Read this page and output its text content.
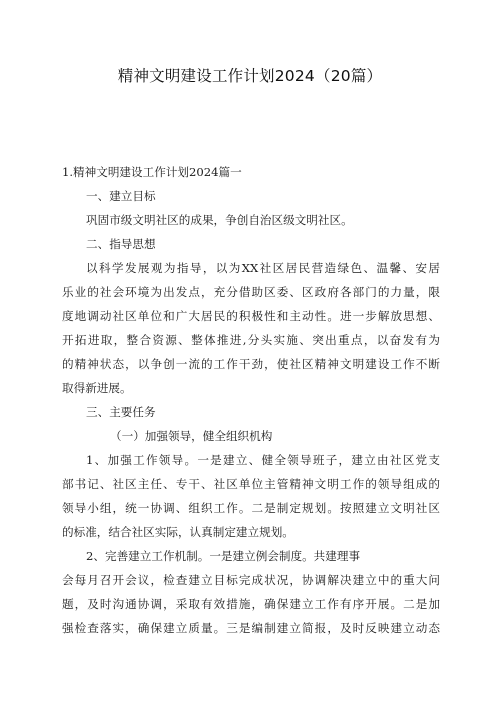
精神文明建设工作计划2024（20篇）
1.精神文明建设工作计划2024篇一
一、建立目标
巩固市级文明社区的成果，争创自治区级文明社区。
二、指导思想
以科学发展观为指导，以为XX社区居民营造绿色、温馨、安居
乐业的社会环境为出发点，充分借助区委、区政府各部门的力量，限
度地调动社区单位和广大居民的积极性和主动性。进一步解放思想、
开拓进取，整合资源、整体推进,分头实施、突出重点，以奋发有为
的精神状态，以争创一流的工作干劲，使社区精神文明建设工作不断
取得新进展。
三、主要任务
（一）加强领导，健全组织机构
1、加强工作领导。一是建立、健全领导班子，建立由社区党支
部书记、社区主任、专干、社区单位主管精神文明工作的领导组成的
领导小组，统一协调、组织工作。二是制定规划。按照建立文明社区
的标准，结合社区实际，认真制定建立规划。
2、完善建立工作机制。一是建立例会制度。共建理事
会每月召开会议，检查建立目标完成状况，协调解决建立中的重大问
题，及时沟通协调，采取有效措施，确保建立工作有序开展。二是加
强检查落实，确保建立质量。三是编制建立简报，及时反映建立动态
